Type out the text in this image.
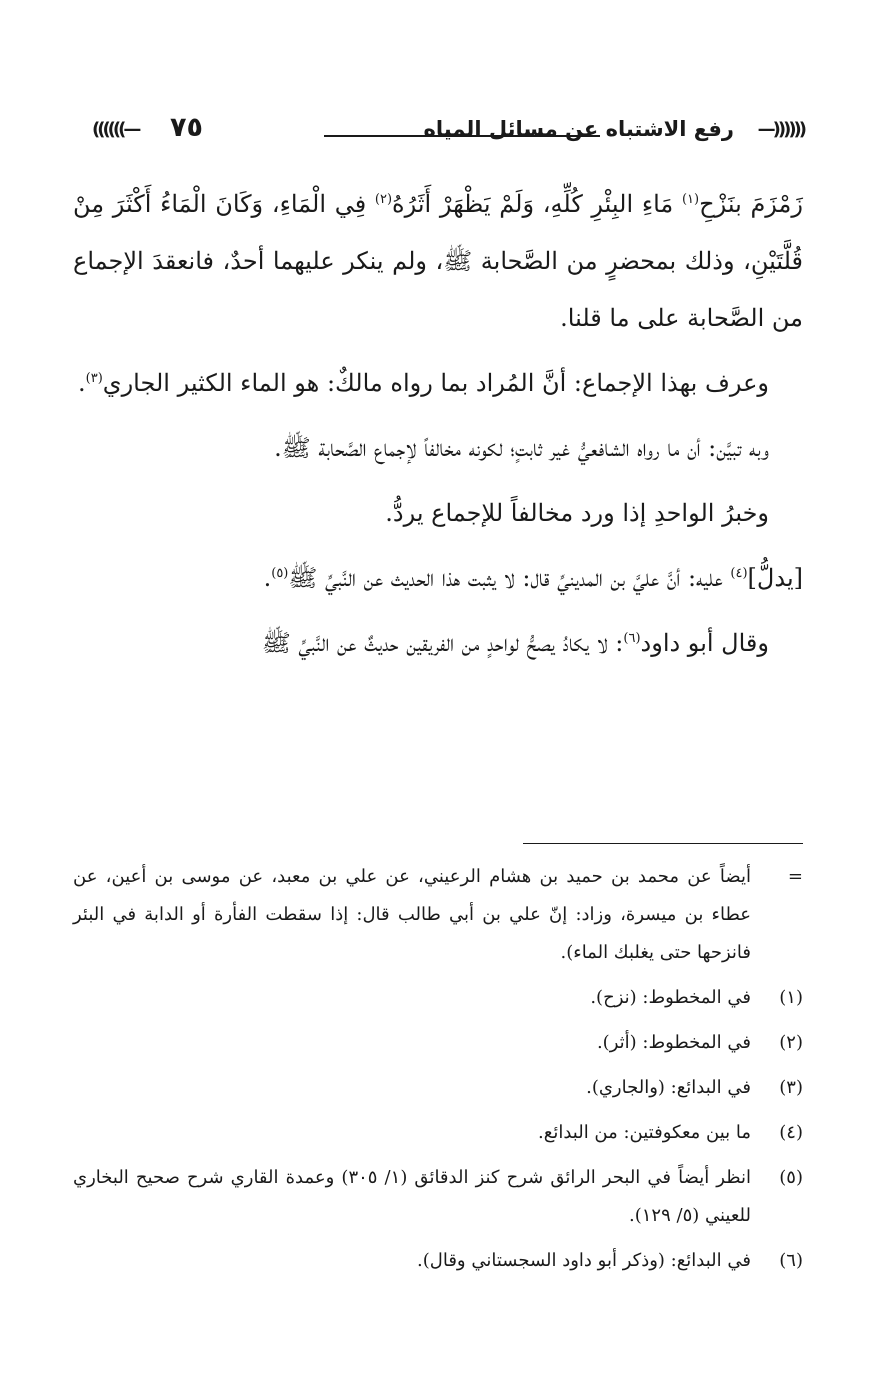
—))))))
رفع الاشتباه عن مسائل المياه
٧٥
((((((—

زَمْزَمَ بنَزْحِ$^{(١)}$ مَاءِ البِئْرِ كُلِّهِ، وَلَمْ يَظْهَرْ أَثَرُهُ$^{(٢)}$ فِي الْمَاءِ، وَكَانَ الْمَاءُ أَكْثَرَ مِنْ قُلَّتَيْنِ، وذلك بمحضرٍ من الصَّحابة ﷺ، ولم ينكر عليهما أحدٌ، فانعقدَ الإجماع من الصَّحابة على ما قلنا.

وعرف بهذا الإجماع: أنَّ المُراد بما رواه مالكٌ: هو الماء الكثير الجاري$^{(٣)}$.

وبه تبيَّن: أن ما رواه الشافعيُّ غير ثابتٍ؛ لكونه مخالفاً لإجماع الصَّحابة ﷺ.

وخبرُ الواحدِ إذا ورد مخالفاً للإجماع يردُّ.

[يدلُّ]$^{(٤)}$ عليه: أنَّ عليَّ بن المدينيِّ قال: لا يثبت هذا الحديث عن النَّبيِّ ﷺ$^{(٥)}$.

وقال أبو داود$^{(٦)}$: لا يكادُ يصحُّ لواحدٍ من الفريقين حديثٌ عن النَّبيِّ ﷺ

=
أيضاً عن محمد بن حميد بن هشام الرعيني، عن علي بن معبد، عن موسى بن أعين، عن عطاء بن ميسرة، وزاد: إنّ علي بن أبي طالب قال: إذا سقطت الفأرة أو الدابة في البئر فانزحها حتى يغلبك الماء).
(١)
في المخطوط: (نزح).
(٢)
في المخطوط: (أثر).
(٣)
في البدائع: (والجاري).
(٤)
ما بين معكوفتين: من البدائع.
(٥)
انظر أيضاً في البحر الرائق شرح كنز الدقائق (١/ ٣٠٥) وعمدة القاري شرح صحيح البخاري للعيني (٥/ ١٢٩).
(٦)
في البدائع: (وذكر أبو داود السجستاني وقال).
